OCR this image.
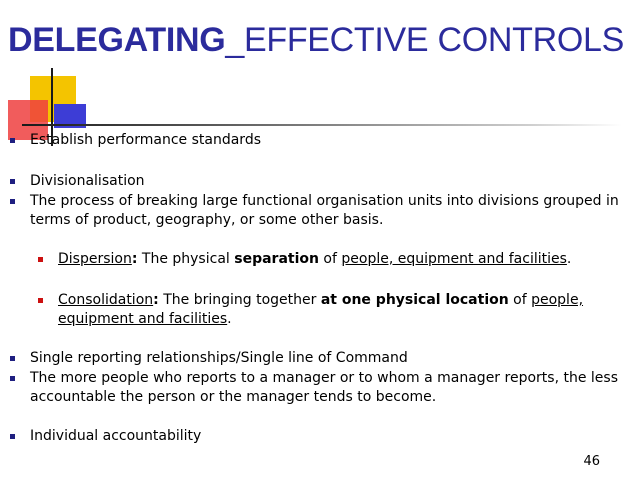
DELEGATING_EFFECTIVE CONTROLS
Establish performance standards
Divisionalisation
The process of breaking large functional organisation units into divisions grouped in terms of product, geography, or some other basis.
Dispersion: The physical separation of people, equipment and facilities.
Consolidation: The bringing together at one physical location of people, equipment and facilities.
Single reporting relationships/Single line of Command
The more people who reports to a manager or to whom a manager reports, the less accountable the person or the manager tends to become.
Individual accountability
46
